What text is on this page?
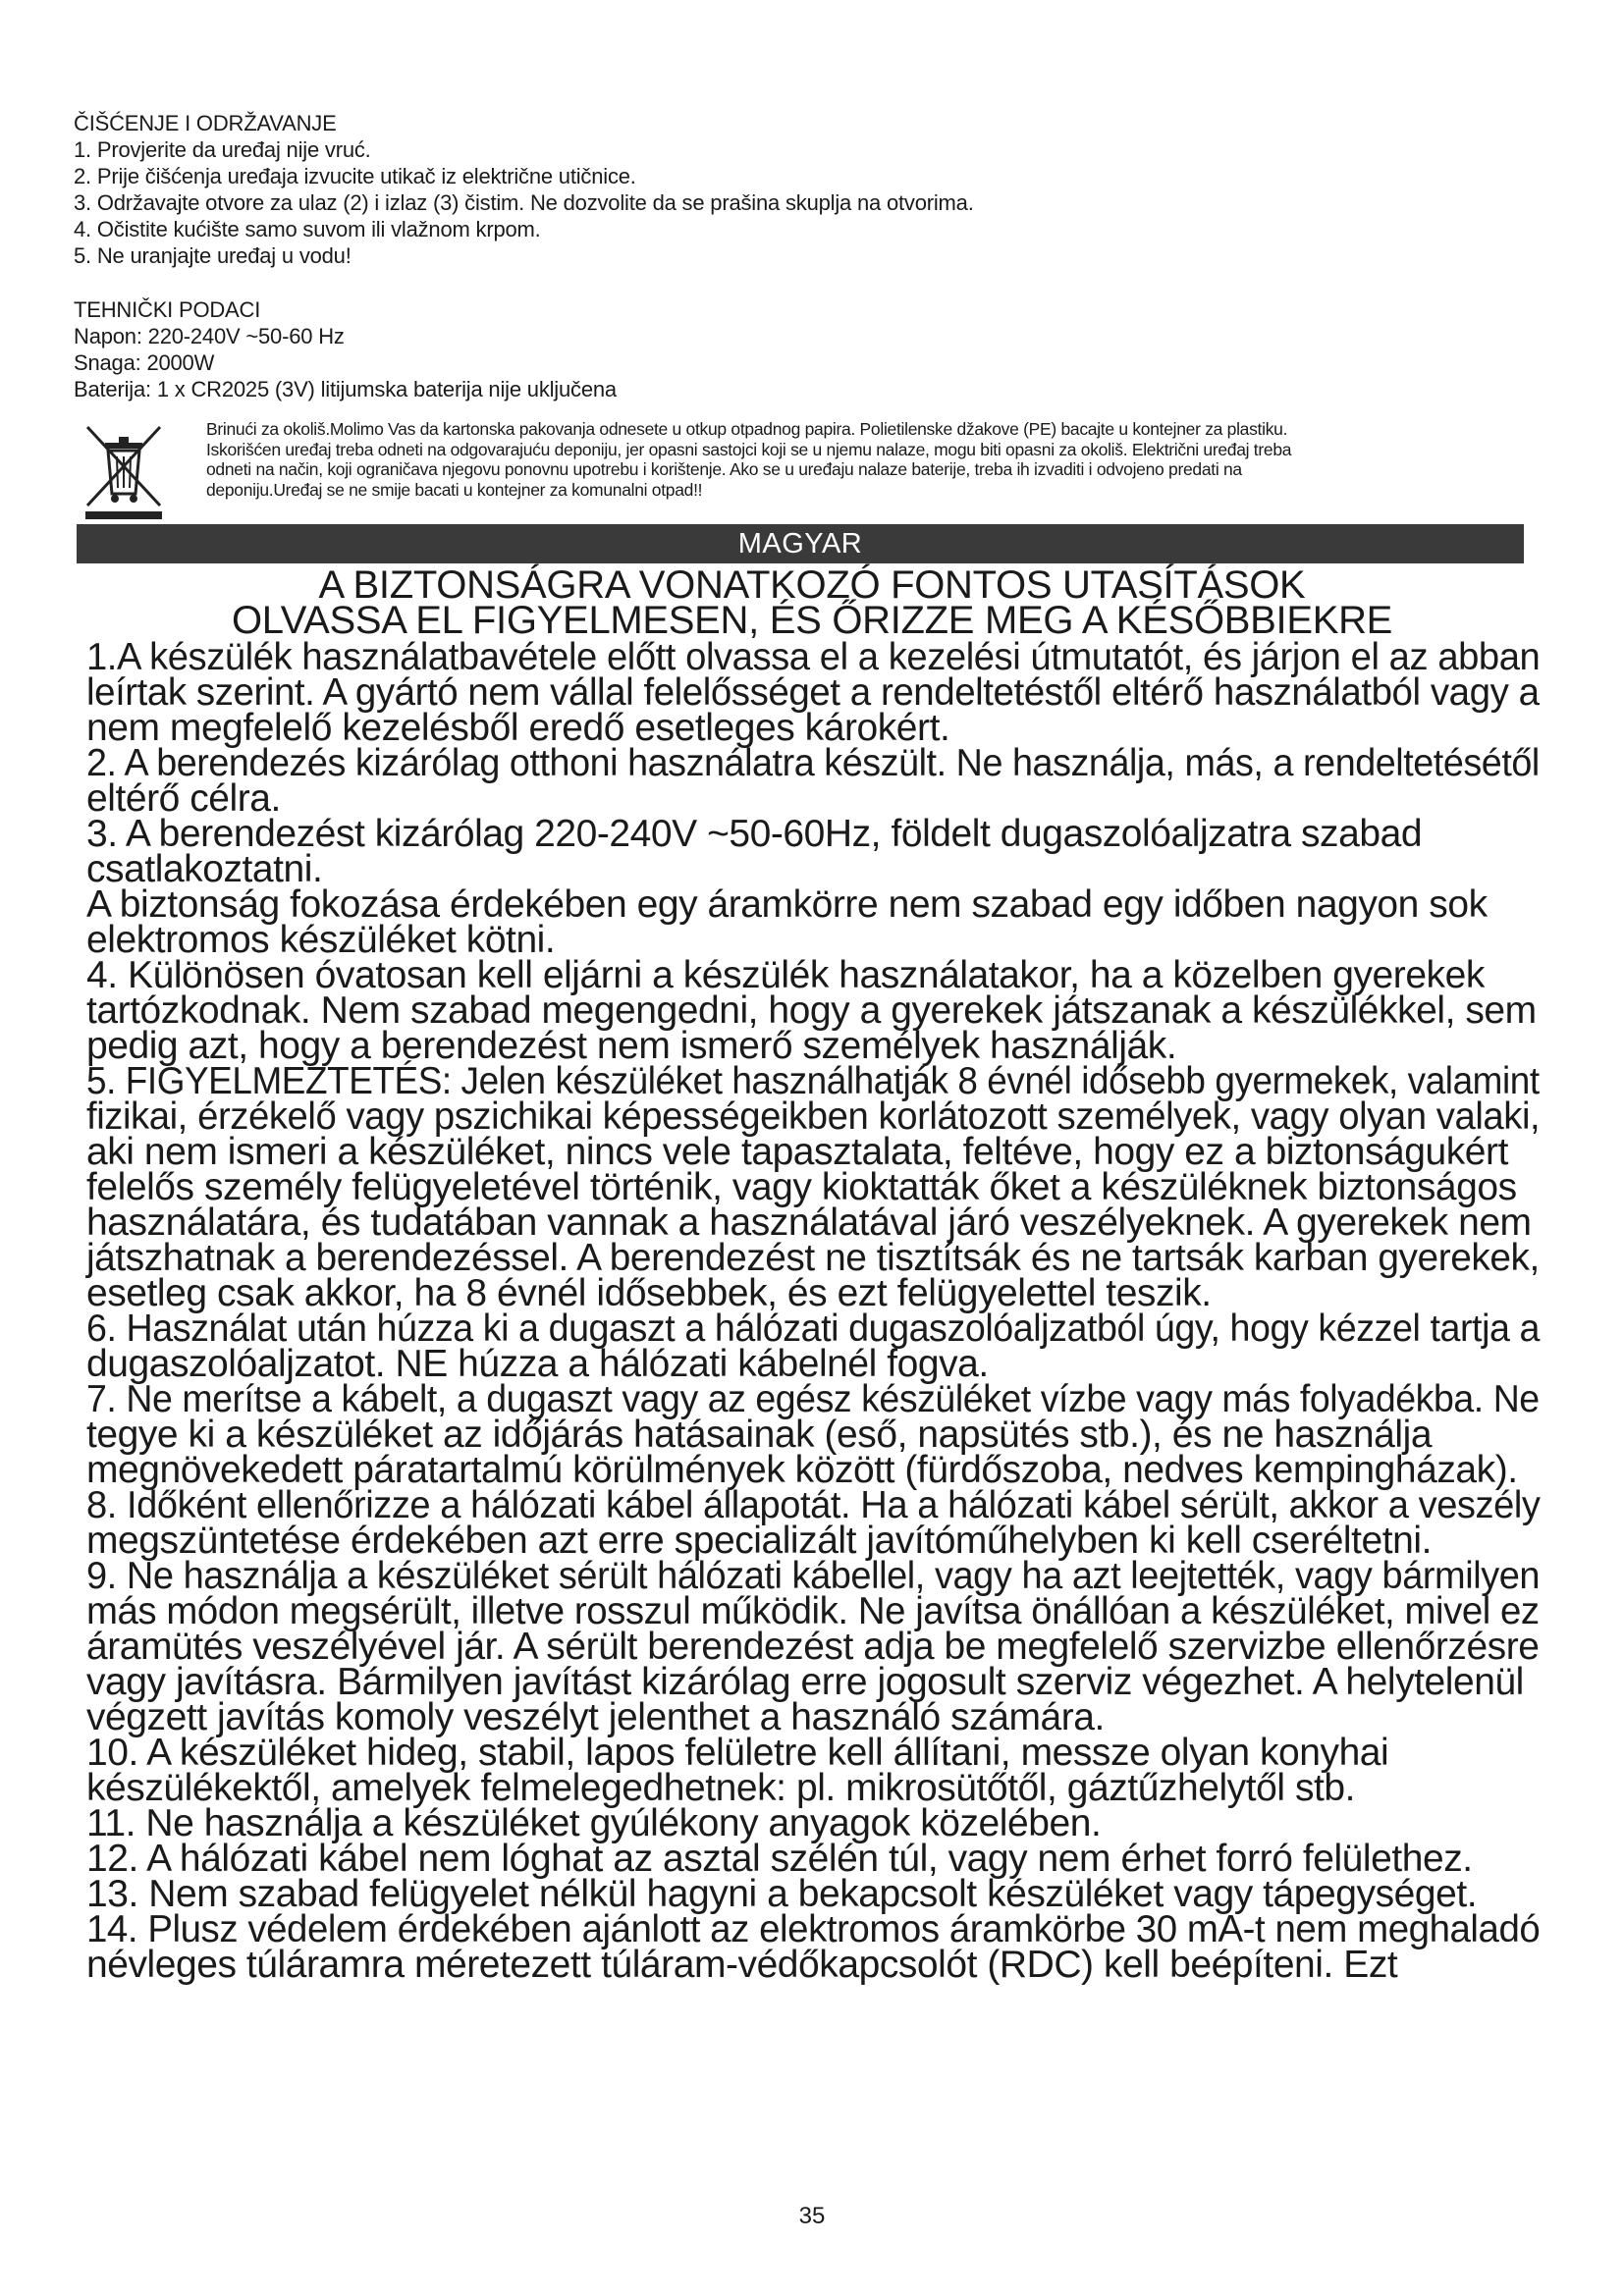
ČIŠĆENJE I ODRŽAVANJE
1. Provjerite da uređaj nije vruć.
2. Prije čišćenja uređaja izvucite utikač iz električne utičnice.
3. Održavajte otvore za ulaz (2) i izlaz (3) čistim. Ne dozvolite da se prašina skuplja na otvorima.
4. Očistite kućište samo suvom ili vlažnom krpom.
5. Ne uranjajte uređaj u vodu!
TEHNIČKI PODACI
Napon: 220-240V ~50-60 Hz
Snaga: 2000W
Baterija: 1 x CR2025 (3V) litijumska baterija nije uključena
Brinući za okoliš.Molimo Vas da kartonska pakovanja odnesete u otkup otpadnog papira. Polietilenske džakove (PE) bacajte u kontejner za plastiku.
Iskorišćen uređaj treba odneti na odgovarajuću deponiju, jer opasni sastojci koji se u njemu nalaze, mogu biti opasni za okoliš. Električni uređaj treba
odneti na način, koji ograničava njegovu ponovnu upotrebu i korištenje. Ako se u uređaju nalaze baterije, treba ih izvaditi i odvojeno predati na
deponiju.Uređaj se ne smije bacati u kontejner za komunalni otpad!!
MAGYAR
A BIZTONSÁGRA VONATKOZÓ FONTOS UTASÍTÁSOK
OLVASSA EL FIGYELMESEN, ÉS ŐRIZZE MEG A KÉSŐBBIEKRE
1.A készülék használatbavétele előtt olvassa el a kezelési útmutatót, és járjon el az abban
leírtak szerint. A gyártó nem vállal felelősséget a rendeltetéstől eltérő használatból vagy a
nem megfelelő kezelésből eredő esetleges károkért.
2. A berendezés kizárólag otthoni használatra készült. Ne használja, más, a rendeltetésétől
eltérő célra.
3. A berendezést kizárólag 220-240V ~50-60Hz, földelt dugaszolóaljzatra szabad
csatlakoztatni.
A biztonság fokozása érdekében egy áramkörre nem szabad egy időben nagyon sok
elektromos készüléket kötni.
4. Különösen óvatosan kell eljárni a készülék használatakor, ha a közelben gyerekek
tartózkodnak. Nem szabad megengedni, hogy a gyerekek játszanak a készülékkel, sem
pedig azt, hogy a berendezést nem ismerő személyek használják.
5. FIGYELMEZTETÉS: Jelen készüléket használhatják 8 évnél idősebb gyermekek, valamint
fizikai, érzékelő vagy pszichikai képességeikben korlátozott személyek, vagy olyan valaki,
aki nem ismeri a készüléket, nincs vele tapasztalata, feltéve, hogy ez a biztonságukért
felelős személy felügyeletével történik, vagy kioktatták őket a készüléknek biztonságos
használatára, és tudatában vannak a használatával járó veszélyeknek. A gyerekek nem
játszhatnak a berendezéssel. A berendezést ne tisztítsák és ne tartsák karban gyerekek,
esetleg csak akkor, ha 8 évnél idősebbek, és ezt felügyelettel teszik.
6. Használat után húzza ki a dugaszt a hálózati dugaszolóaljzatból úgy, hogy kézzel tartja a
dugaszolóaljzatot. NE húzza a hálózati kábelnél fogva.
7. Ne merítse a kábelt, a dugaszt vagy az egész készüléket vízbe vagy más folyadékba. Ne
tegye ki a készüléket az időjárás hatásainak (eső, napsütés stb.), és ne használja
megnövekedett páratartalmú körülmények között (fürdőszoba, nedves kempingházak).
8. Időként ellenőrizze a hálózati kábel állapotát. Ha a hálózati kábel sérült, akkor a veszély
megszüntetése érdekében azt erre specializált javítóműhelyben ki kell cseréltetni.
9. Ne használja a készüléket sérült hálózati kábellel, vagy ha azt leejtették, vagy bármilyen
más módon megsérült, illetve rosszul működik. Ne javítsa önállóan a készüléket, mivel ez
áramütés veszélyével jár. A sérült berendezést adja be megfelelő szervizbe ellenőrzésre
vagy javításra. Bármilyen javítást kizárólag erre jogosult szerviz végezhet. A helytelenül
végzett javítás komoly veszélyt jelenthet a használó számára.
10. A készüléket hideg, stabil, lapos felületre kell állítani, messze olyan konyhai
készülékektől, amelyek felmelegedhetnek: pl. mikrosütőtől, gáztűzhelytől stb.
11. Ne használja a készüléket gyúlékony anyagok közelében.
12. A hálózati kábel nem lóghat az asztal szélén túl, vagy nem érhet forró felülethez.
13. Nem szabad felügyelet nélkül hagyni a bekapcsolt készüléket vagy tápegységet.
14. Plusz védelem érdekében ajánlott az elektromos áramkörbe 30 mA-t nem meghaladó
névleges túláramra méretezett túláram-védőkapcsolót (RDC) kell beépíteni. Ezt
35
